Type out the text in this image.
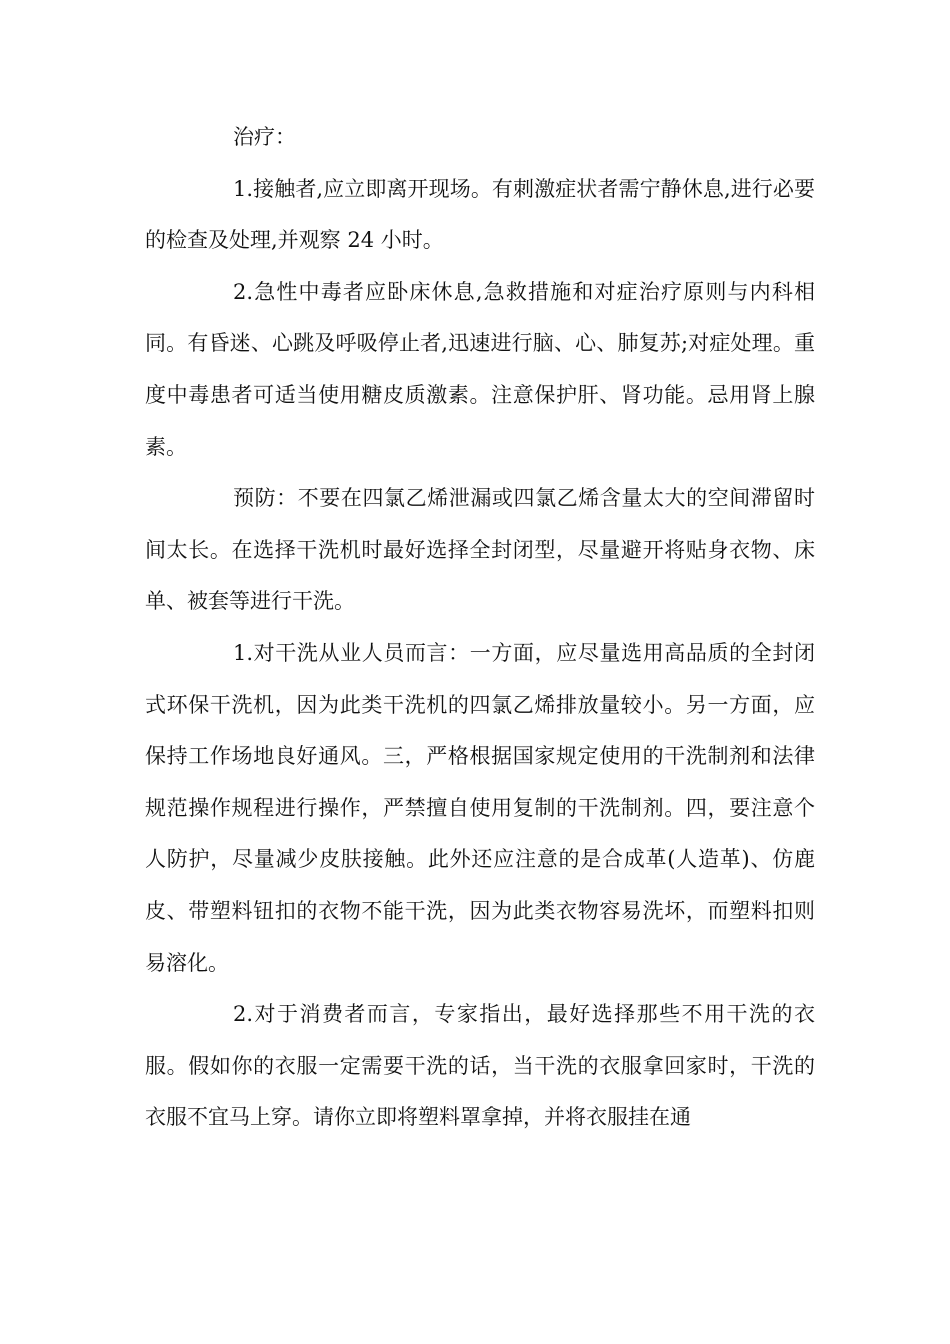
治疗：

1.接触者,应立即离开现场。有刺激症状者需宁静休息,进行必要的检查及处理,并观察 24 小时。

2.急性中毒者应卧床休息,急救措施和对症治疗原则与内科相同。有昏迷、心跳及呼吸停止者,迅速进行脑、心、肺复苏;对症处理。重度中毒患者可适当使用糖皮质激素。注意保护肝、肾功能。忌用肾上腺素。

预防：不要在四氯乙烯泄漏或四氯乙烯含量太大的空间滞留时间太长。在选择干洗机时最好选择全封闭型，尽量避开将贴身衣物、床单、被套等进行干洗。

1.对干洗从业人员而言：一方面，应尽量选用高品质的全封闭式环保干洗机，因为此类干洗机的四氯乙烯排放量较小。另一方面，应保持工作场地良好通风。三，严格根据国家规定使用的干洗制剂和法律规范操作规程进行操作，严禁擅自使用复制的干洗制剂。四，要注意个人防护，尽量减少皮肤接触。此外还应注意的是合成革(人造革)、仿鹿皮、带塑料钮扣的衣物不能干洗，因为此类衣物容易洗坏，而塑料扣则易溶化。

2.对于消费者而言，专家指出，最好选择那些不用干洗的衣服。假如你的衣服一定需要干洗的话，当干洗的衣服拿回家时，干洗的衣服不宜马上穿。请你立即将塑料罩拿掉，并将衣服挂在通
